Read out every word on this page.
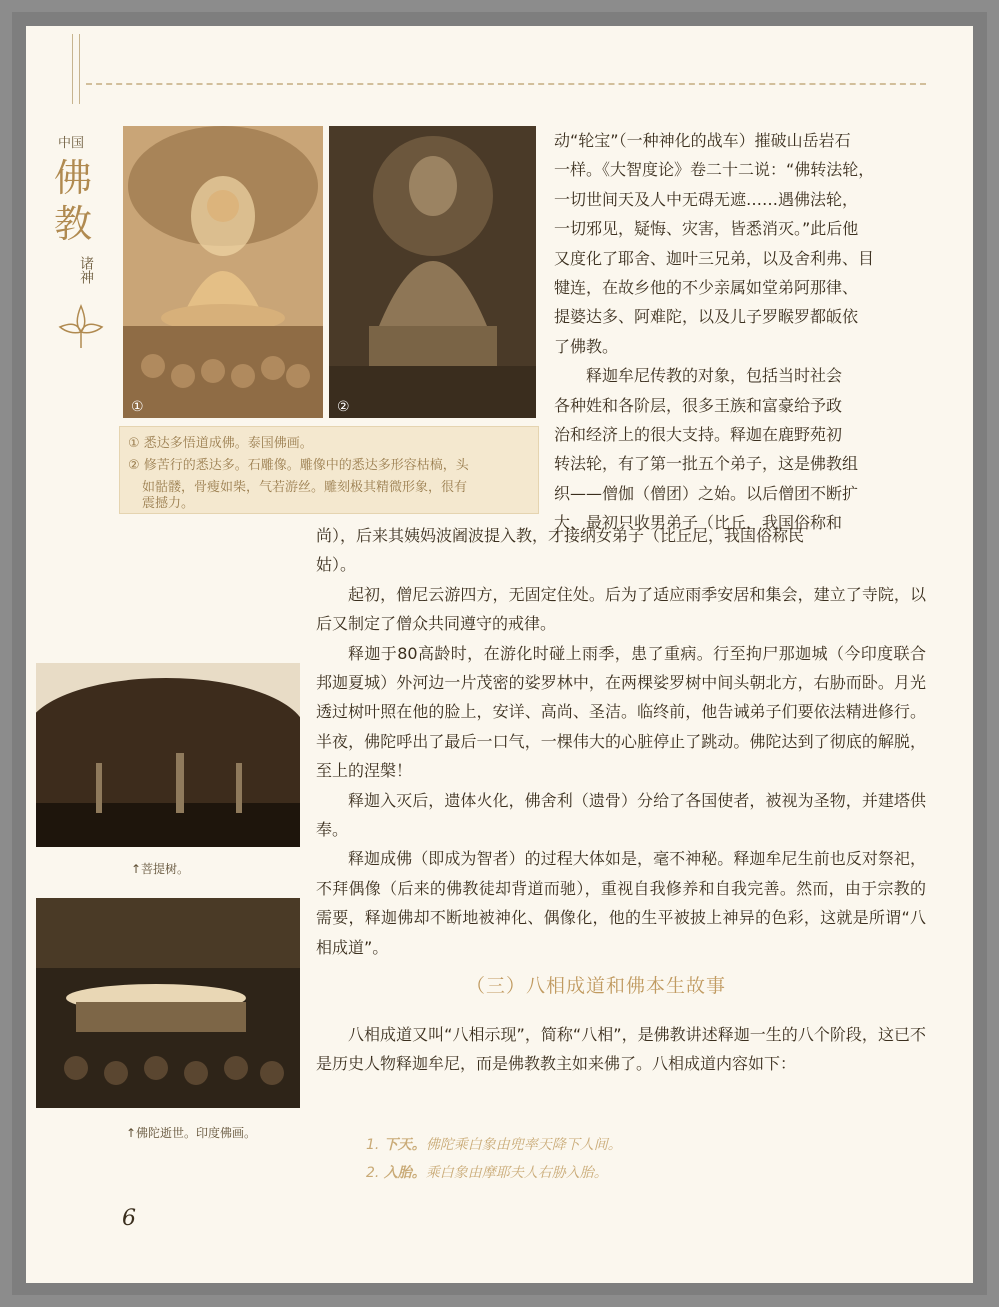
中国
佛
教
诸神
①	②
① 悉达多悟道成佛。泰国佛画。
② 修苦行的悉达多。石雕像。雕像中的悉达多形容枯槁，头
如骷髅，骨瘦如柴，气若游丝。雕刻极其精微形象，很有
震撼力。

动“轮宝”（一种神化的战车）摧破山岳岩石

一样。《大智度论》卷二十二说：“佛转法轮，

一切世间天及人中无碍无遮……遇佛法轮，

一切邪见，疑悔、灾害，皆悉消灭。”此后他

又度化了耶舍、迦叶三兄弟，以及舍利弗、目

犍连，在故乡他的不少亲属如堂弟阿那律、

提婆达多、阿难陀，以及儿子罗睺罗都皈依

了佛教。

释迦牟尼传教的对象，包括当时社会

各种姓和各阶层，很多王族和富豪给予政

治和经济上的很大支持。释迦在鹿野苑初

转法轮，有了第一批五个弟子，这是佛教组

织——僧伽（僧团）之始。以后僧团不断扩

大，最初只收男弟子（比丘，我国俗称和

↑菩提树。
↑佛陀逝世。印度佛画。

尚），后来其姨妈波阇波提入教，才接纳女弟子（比丘尼，我国俗称民

姑）。

起初，僧尼云游四方，无固定住处。后为了适应雨季安居和集会，建立了寺院，以后又制定了僧众共同遵守的戒律。

释迦于80高龄时，在游化时碰上雨季，患了重病。行至拘尸那迦城（今印度联合邦迦夏城）外河边一片茂密的娑罗林中，在两棵娑罗树中间头朝北方，右胁而卧。月光透过树叶照在他的脸上，安详、高尚、圣洁。临终前，他告诫弟子们要依法精进修行。半夜，佛陀呼出了最后一口气，一棵伟大的心脏停止了跳动。佛陀达到了彻底的解脱，至上的涅槃！

释迦入灭后，遗体火化，佛舍利（遗骨）分给了各国使者，被视为圣物，并建塔供奉。

释迦成佛（即成为智者）的过程大体如是，毫不神秘。释迦牟尼生前也反对祭祀，不拜偶像（后来的佛教徒却背道而驰），重视自我修养和自我完善。然而，由于宗教的需要，释迦佛却不断地被神化、偶像化，他的生平被披上神异的色彩，这就是所谓“八相成道”。

（三）八相成道和佛本生故事

八相成道又叫“八相示现”，简称“八相”，是佛教讲述释迦一生的八个阶段，这已不是历史人物释迦牟尼，而是佛教教主如来佛了。八相成道内容如下：

1. 下天。佛陀乘白象由兜率天降下人间。
2. 入胎。乘白象由摩耶夫人右胁入胎。
6
